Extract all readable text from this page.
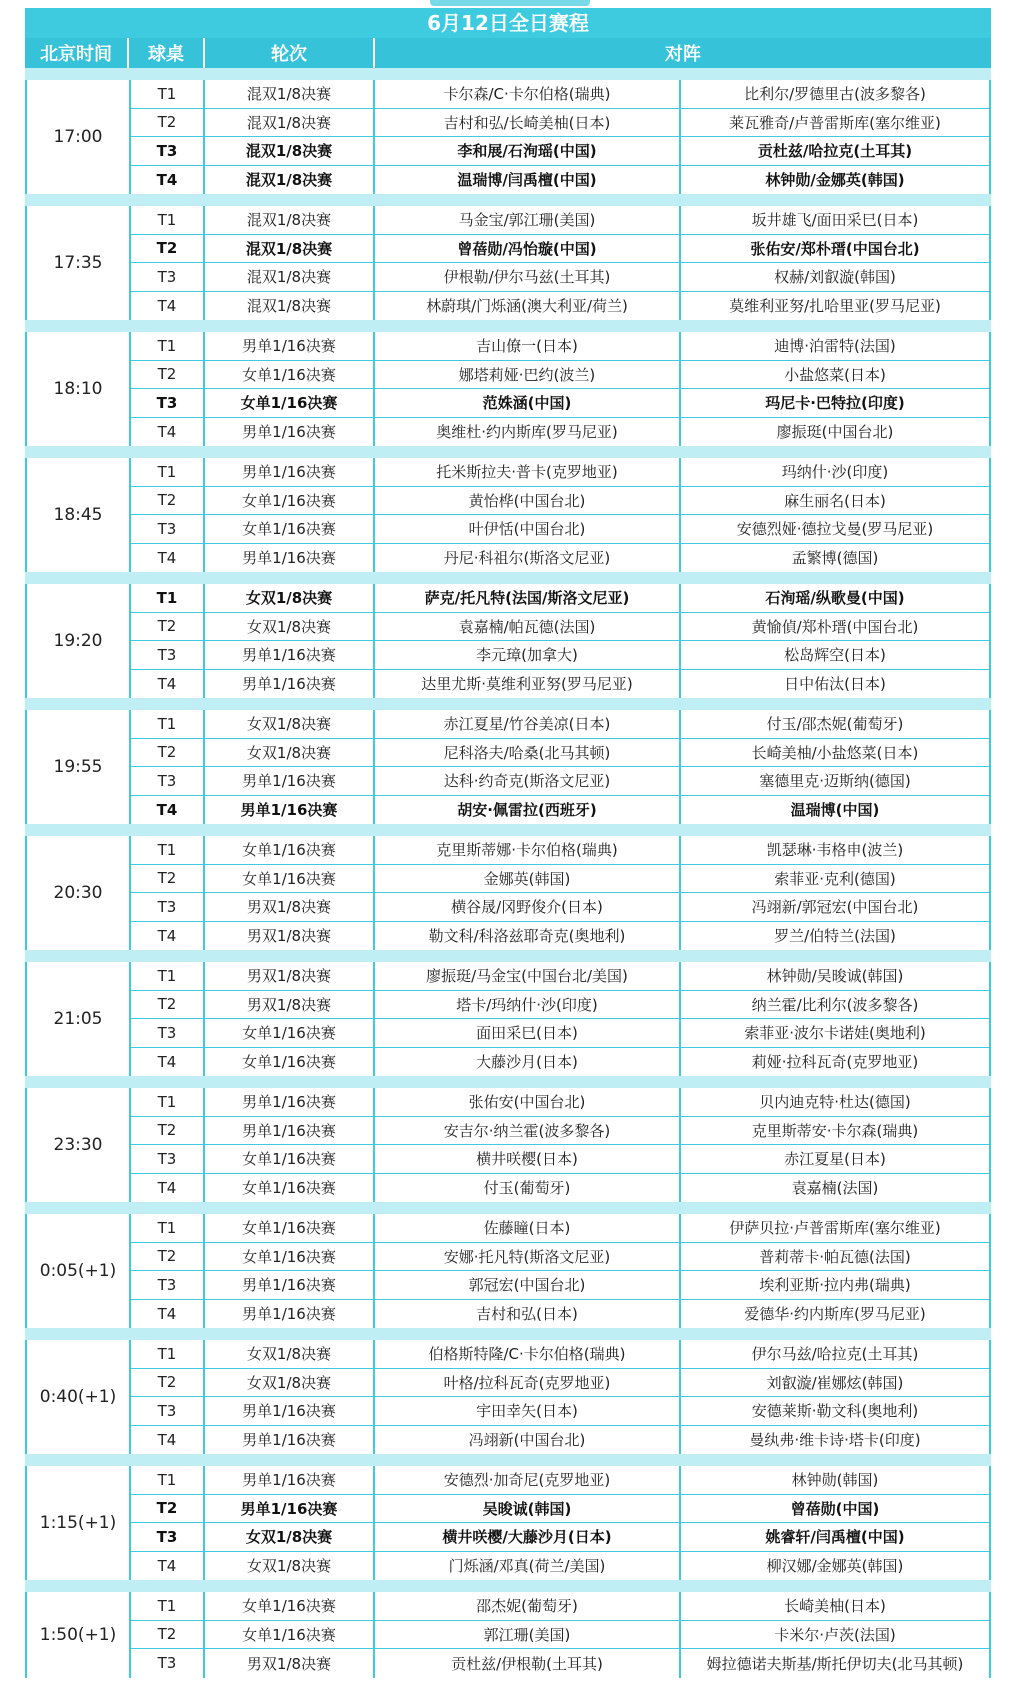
6月12日全日赛程
北京时间	球桌	轮次	对阵
17:00
T1	混双1/8决赛	卡尔森/C·卡尔伯格(瑞典)	比利尔/罗德里古(波多黎各)
T2	混双1/8决赛	吉村和弘/长崎美柚(日本)	莱瓦雅奇/卢普雷斯库(塞尔维亚)
T3	混双1/8决赛	李和展/石洵瑶(中国)	贡杜兹/哈拉克(土耳其)
T4	混双1/8决赛	温瑞博/闫禹檀(中国)	林钟勋/金娜英(韩国)
17:35
T1	混双1/8决赛	马金宝/郭江珊(美国)	坂井雄飞/面田采巳(日本)
T2	混双1/8决赛	曾蓓勋/冯怡璇(中国)	张佑安/郑朴瑨(中国台北)
T3	混双1/8决赛	伊根勒/伊尔马兹(土耳其)	权赫/刘叡漩(韩国)
T4	混双1/8决赛	林蔚琪/门烁涵(澳大利亚/荷兰)	莫维利亚努/扎哈里亚(罗马尼亚)
18:10
T1	男单1/16决赛	吉山僚一(日本)	迪博·泊雷特(法国)
T2	女单1/16决赛	娜塔莉娅·巴约(波兰)	小盐悠菜(日本)
T3	女单1/16决赛	范姝涵(中国)	玛尼卡·巴特拉(印度)
T4	男单1/16决赛	奥维杜·约内斯库(罗马尼亚)	廖振珽(中国台北)
18:45
T1	男单1/16决赛	托米斯拉夫·普卡(克罗地亚)	玛纳什·沙(印度)
T2	女单1/16决赛	黄怡桦(中国台北)	麻生丽名(日本)
T3	女单1/16决赛	叶伊恬(中国台北)	安德烈娅·德拉戈曼(罗马尼亚)
T4	男单1/16决赛	丹尼·科祖尔(斯洛文尼亚)	孟繁博(德国)
19:20
T1	女双1/8决赛	萨克/托凡特(法国/斯洛文尼亚)	石洵瑶/纵歌曼(中国)
T2	女双1/8决赛	袁嘉楠/帕瓦德(法国)	黄愉偵/郑朴瑨(中国台北)
T3	男单1/16决赛	李元璋(加拿大)	松岛辉空(日本)
T4	男单1/16决赛	达里尤斯·莫维利亚努(罗马尼亚)	日中佑汰(日本)
19:55
T1	女双1/8决赛	赤江夏星/竹谷美凉(日本)	付玉/邵杰妮(葡萄牙)
T2	女双1/8决赛	尼科洛夫/哈桑(北马其顿)	长崎美柚/小盐悠菜(日本)
T3	男单1/16决赛	达科·约奇克(斯洛文尼亚)	塞德里克·迈斯纳(德国)
T4	男单1/16决赛	胡安·佩雷拉(西班牙)	温瑞博(中国)
20:30
T1	女单1/16决赛	克里斯蒂娜·卡尔伯格(瑞典)	凯瑟琳·韦格申(波兰)
T2	女单1/16决赛	金娜英(韩国)	索菲亚·克利(德国)
T3	男双1/8决赛	横谷晟/冈野俊介(日本)	冯翊新/郭冠宏(中国台北)
T4	男双1/8决赛	勒文科/科洛兹耶奇克(奥地利)	罗兰/伯特兰(法国)
21:05
T1	男双1/8决赛	廖振珽/马金宝(中国台北/美国)	林钟勋/吴晙诚(韩国)
T2	男双1/8决赛	塔卡/玛纳什·沙(印度)	纳兰霍/比利尔(波多黎各)
T3	女单1/16决赛	面田采巳(日本)	索菲亚·波尔卡诺娃(奥地利)
T4	女单1/16决赛	大藤沙月(日本)	莉娅·拉科瓦奇(克罗地亚)
23:30
T1	男单1/16决赛	张佑安(中国台北)	贝内迪克特·杜达(德国)
T2	男单1/16决赛	安吉尔·纳兰霍(波多黎各)	克里斯蒂安·卡尔森(瑞典)
T3	女单1/16决赛	横井咲樱(日本)	赤江夏星(日本)
T4	女单1/16决赛	付玉(葡萄牙)	袁嘉楠(法国)
0:05(+1)
T1	女单1/16决赛	佐藤瞳(日本)	伊萨贝拉·卢普雷斯库(塞尔维亚)
T2	女单1/16决赛	安娜·托凡特(斯洛文尼亚)	普莉蒂卡·帕瓦德(法国)
T3	男单1/16决赛	郭冠宏(中国台北)	埃利亚斯·拉内弗(瑞典)
T4	男单1/16决赛	吉村和弘(日本)	爱德华·约内斯库(罗马尼亚)
0:40(+1)
T1	女双1/8决赛	伯格斯特隆/C·卡尔伯格(瑞典)	伊尔马兹/哈拉克(土耳其)
T2	女双1/8决赛	叶格/拉科瓦奇(克罗地亚)	刘叡漩/崔娜炫(韩国)
T3	男单1/16决赛	宇田幸矢(日本)	安德莱斯·勒文科(奥地利)
T4	男单1/16决赛	冯翊新(中国台北)	曼纨弗·维卡诗·塔卡(印度)
1:15(+1)
T1	男单1/16决赛	安德烈·加奇尼(克罗地亚)	林钟勋(韩国)
T2	男单1/16决赛	吴晙诚(韩国)	曾蓓勋(中国)
T3	女双1/8决赛	横井咲樱/大藤沙月(日本)	姚睿轩/闫禹檀(中国)
T4	女双1/8决赛	门烁涵/邓真(荷兰/美国)	柳汉娜/金娜英(韩国)
1:50(+1)
T1	女单1/16决赛	邵杰妮(葡萄牙)	长崎美柚(日本)
T2	女单1/16决赛	郭江珊(美国)	卡米尔·卢茨(法国)
T3	男双1/8决赛	贡杜兹/伊根勒(土耳其)	姆拉德诺夫斯基/斯托伊切夫(北马其顿)
